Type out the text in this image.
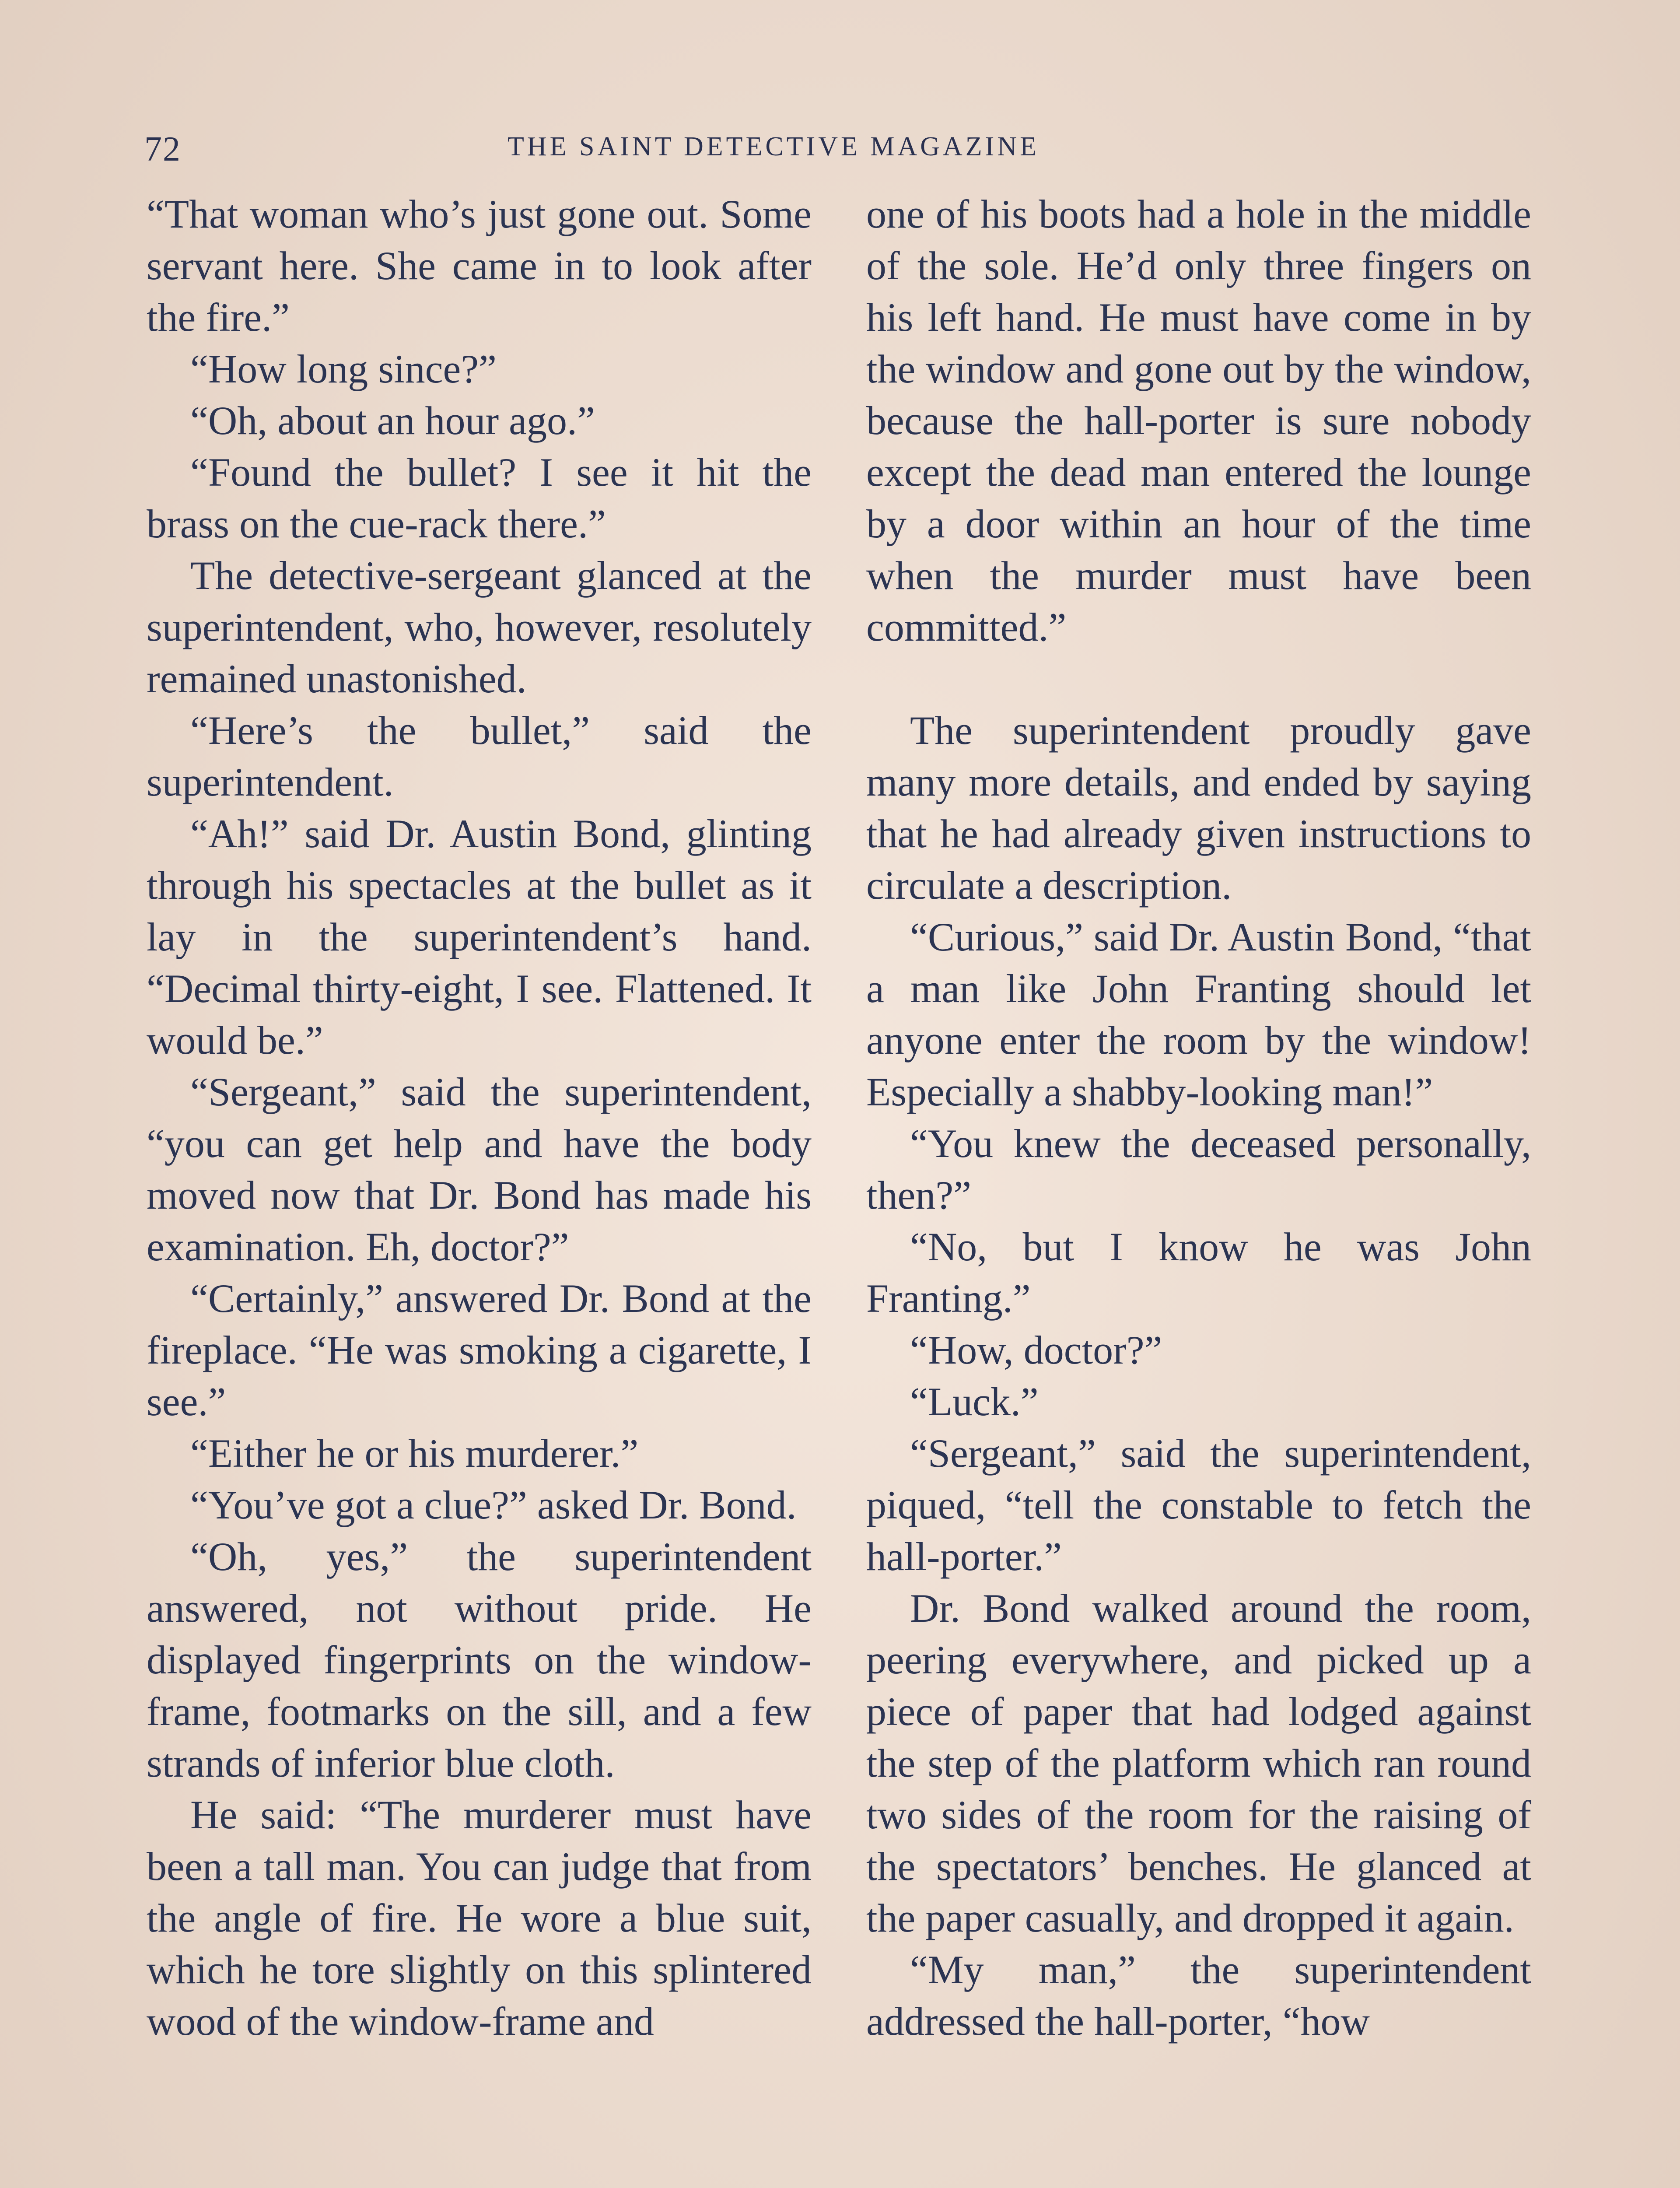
72	THE SAINT DETECTIVE MAGAZINE

“That woman who’s just gone out. Some servant here. She came in to look after the fire.”

“How long since?”

“Oh, about an hour ago.”

“Found the bullet? I see it hit the brass on the cue-rack there.”

The detective-sergeant glanced at the superintendent, who, however, resolutely remained unastonished.

“Here’s the bullet,” said the superintendent.

“Ah!” said Dr. Austin Bond, glinting through his spectacles at the bullet as it lay in the superintendent’s hand. “Decimal thirty-eight, I see. Flattened. It would be.”

“Sergeant,” said the superintendent, “you can get help and have the body moved now that Dr. Bond has made his examination. Eh, doctor?”

“Certainly,” answered Dr. Bond at the fireplace. “He was smoking a cigarette, I see.”

“Either he or his murderer.”

“You’ve got a clue?” asked Dr. Bond.

“Oh, yes,” the superintendent answered, not without pride. He displayed fingerprints on the window-frame, footmarks on the sill, and a few strands of inferior blue cloth.

He said: “The murderer must have been a tall man. You can judge that from the angle of fire. He wore a blue suit, which he tore slightly on this splintered wood of the window-frame and

one of his boots had a hole in the middle of the sole. He’d only three fingers on his left hand. He must have come in by the window and gone out by the window, because the hall-porter is sure nobody except the dead man entered the lounge by a door within an hour of the time when the murder must have been committed.”

The superintendent proudly gave many more details, and ended by saying that he had already given instructions to circulate a description.

“Curious,” said Dr. Austin Bond, “that a man like John Franting should let anyone enter the room by the window! Especially a shabby-looking man!”

“You knew the deceased personally, then?”

“No, but I know he was John Franting.”

“How, doctor?”

“Luck.”

“Sergeant,” said the superintendent, piqued, “tell the constable to fetch the hall-porter.”

Dr. Bond walked around the room, peering everywhere, and picked up a piece of paper that had lodged against the step of the platform which ran round two sides of the room for the raising of the spectators’ benches. He glanced at the paper casually, and dropped it again.

“My man,” the superintendent addressed the hall-porter, “how
